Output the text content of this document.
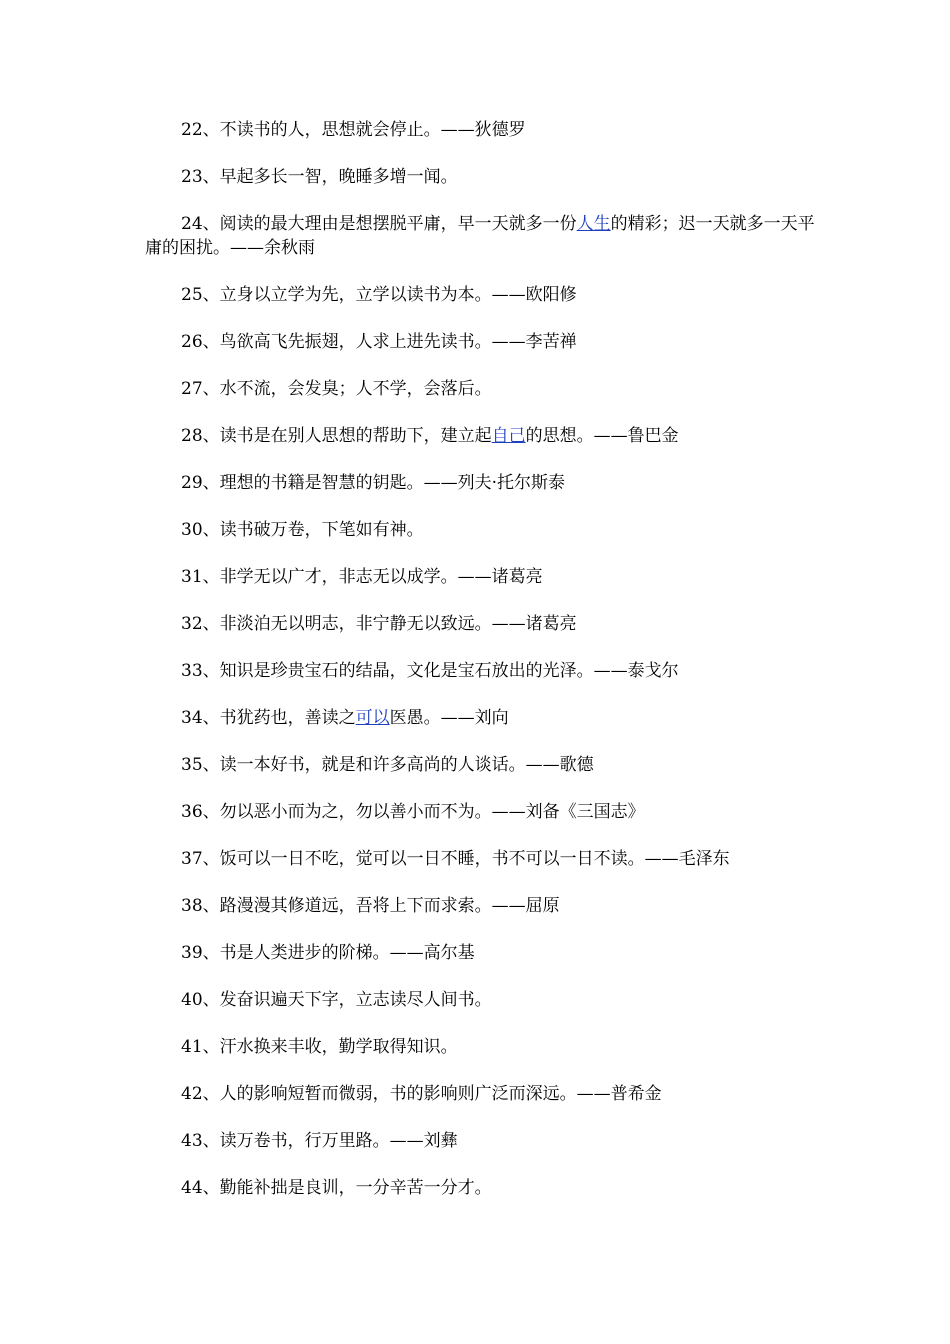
22、不读书的人，思想就会停止。——狄德罗
23、早起多长一智，晚睡多增一闻。
24、阅读的最大理由是想摆脱平庸，早一天就多一份人生的精彩；迟一天就多一天平庸的困扰。——余秋雨
25、立身以立学为先，立学以读书为本。——欧阳修
26、鸟欲高飞先振翅，人求上进先读书。——李苦禅
27、水不流，会发臭；人不学，会落后。
28、读书是在别人思想的帮助下，建立起自己的思想。——鲁巴金
29、理想的书籍是智慧的钥匙。——列夫·托尔斯泰
30、读书破万卷，下笔如有神。
31、非学无以广才，非志无以成学。——诸葛亮
32、非淡泊无以明志，非宁静无以致远。——诸葛亮
33、知识是珍贵宝石的结晶，文化是宝石放出的光泽。——泰戈尔
34、书犹药也，善读之可以医愚。——刘向
35、读一本好书，就是和许多高尚的人谈话。——歌德
36、勿以恶小而为之，勿以善小而不为。——刘备《三国志》
37、饭可以一日不吃，觉可以一日不睡，书不可以一日不读。——毛泽东
38、路漫漫其修道远，吾将上下而求索。——屈原
39、书是人类进步的阶梯。——高尔基
40、发奋识遍天下字，立志读尽人间书。
41、汗水换来丰收，勤学取得知识。
42、人的影响短暂而微弱，书的影响则广泛而深远。——普希金
43、读万卷书，行万里路。——刘彝
44、勤能补拙是良训，一分辛苦一分才。
